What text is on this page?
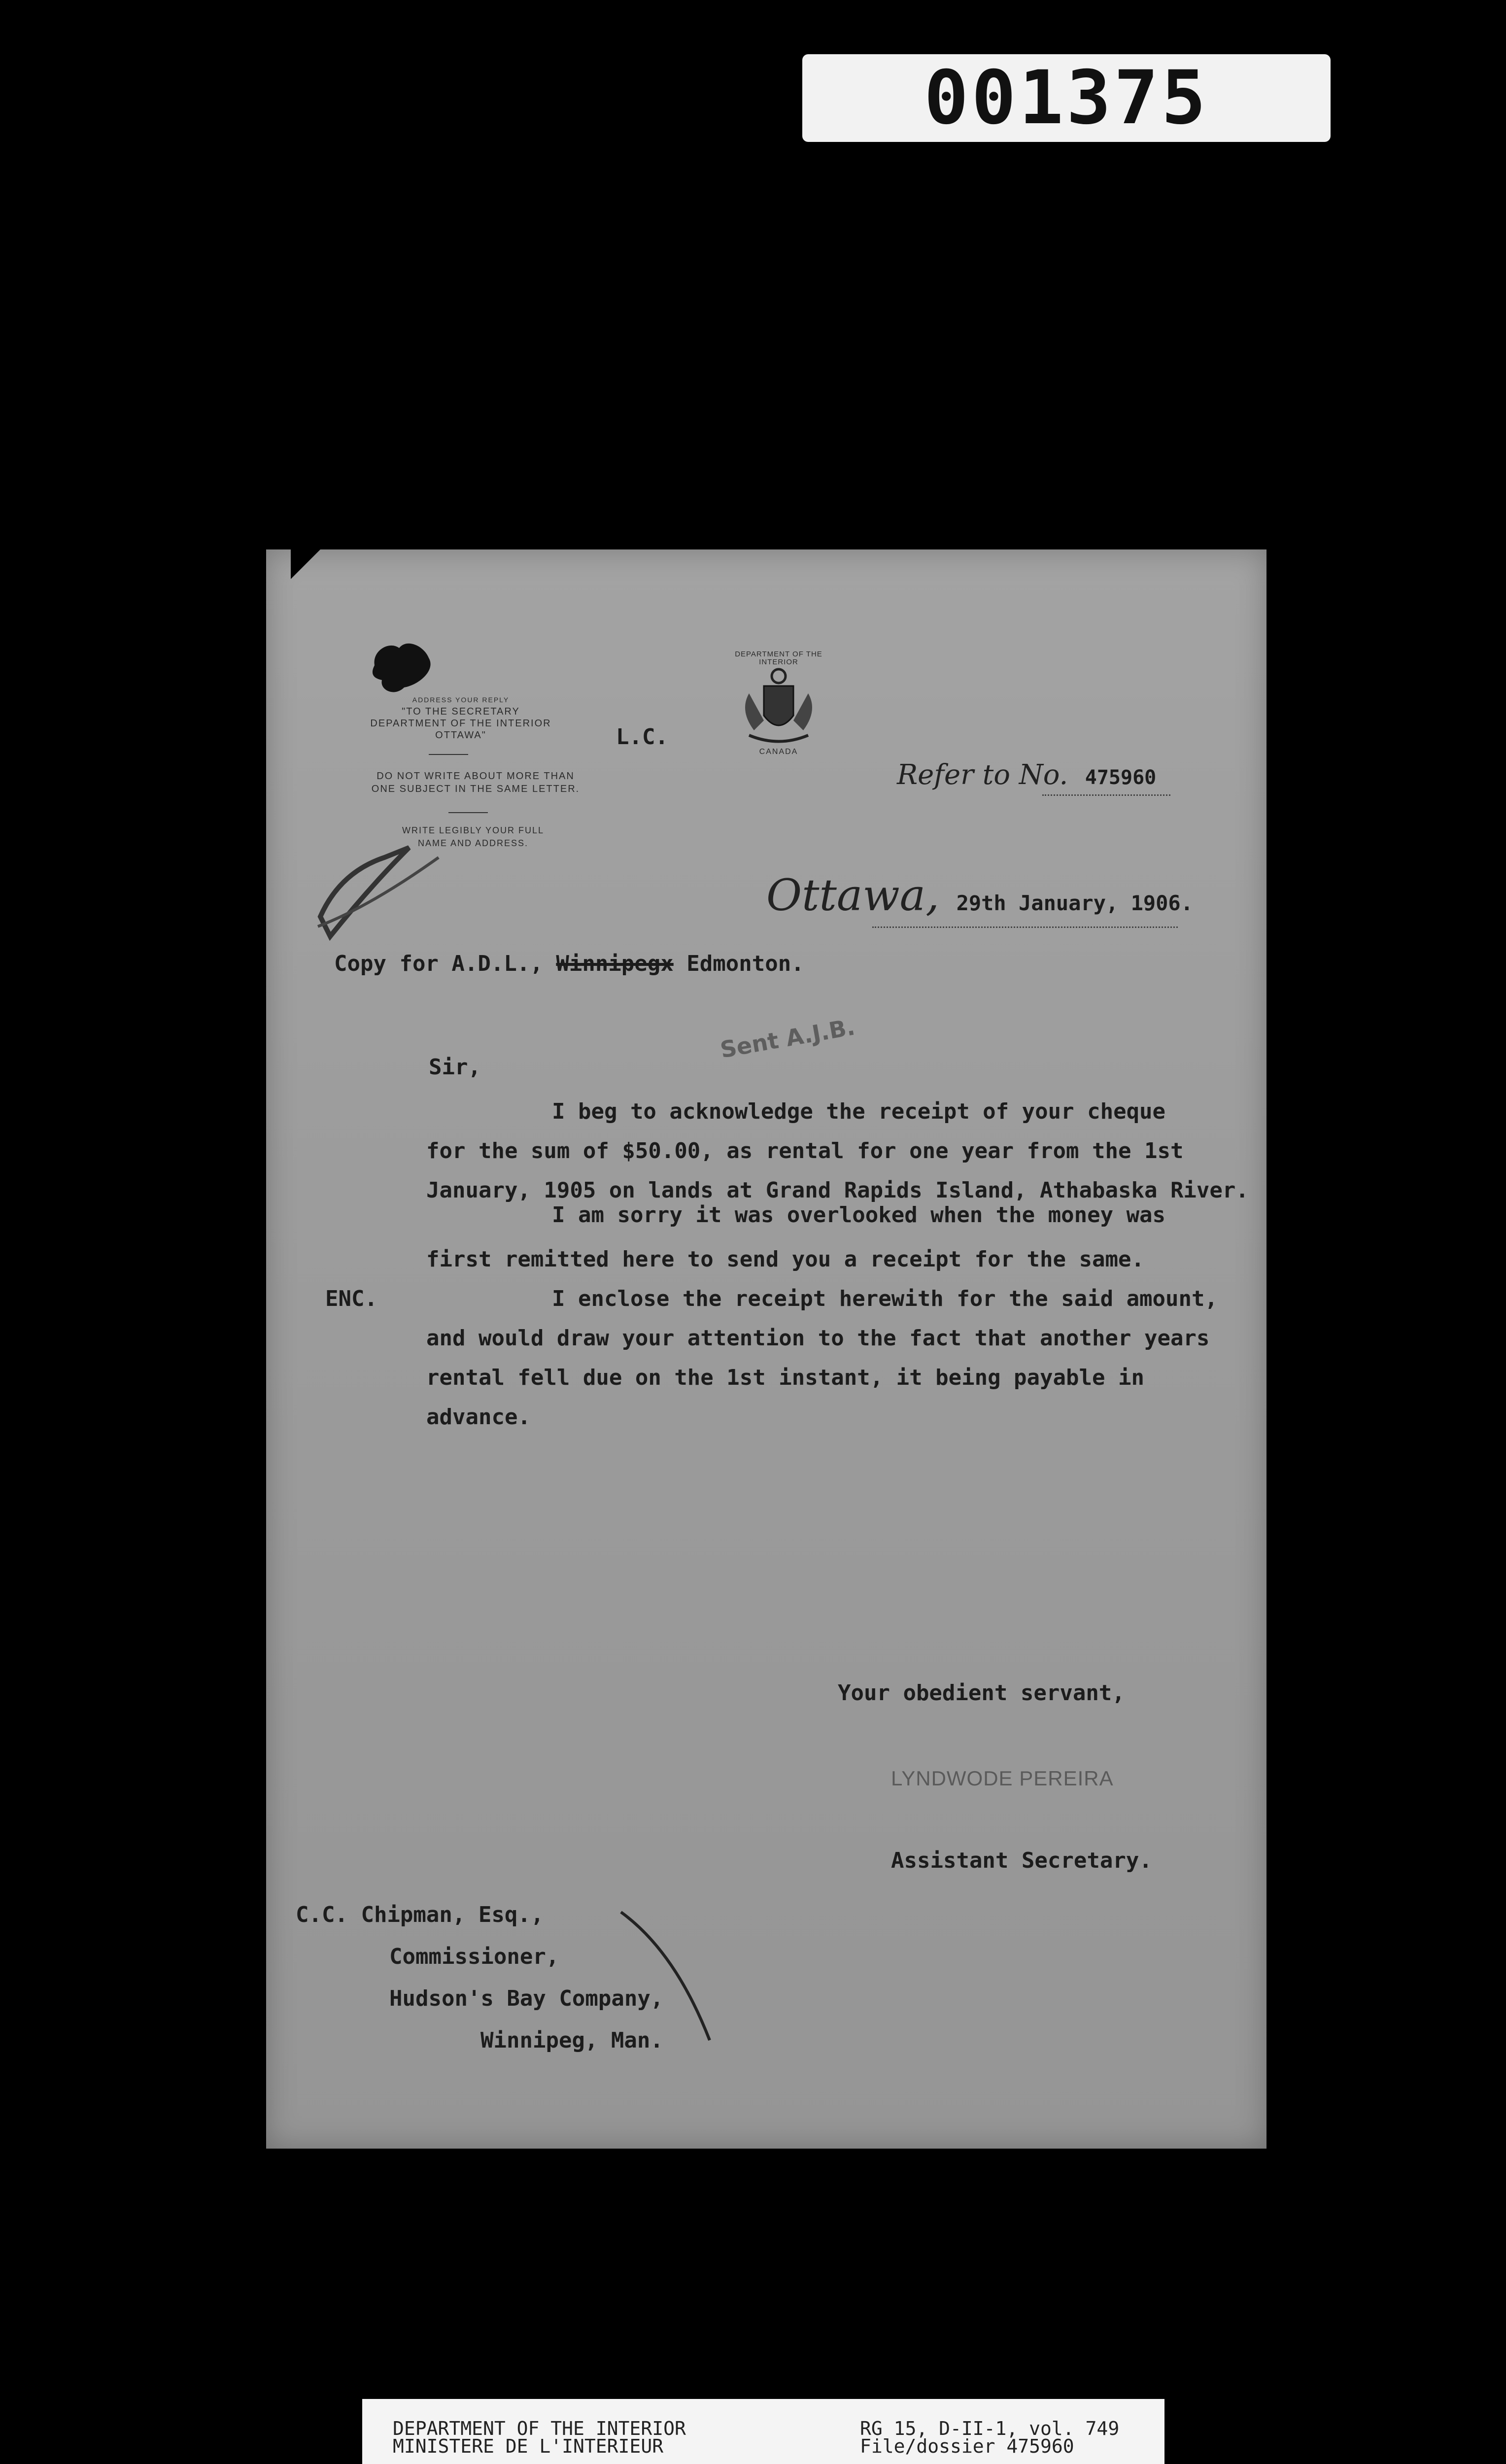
001375
ADDRESS YOUR REPLY
"TO THE SECRETARY
DEPARTMENT OF THE INTERIOR
OTTAWA"
DO NOT WRITE ABOUT MORE THAN
ONE SUBJECT IN THE SAME LETTER.
WRITE LEGIBLY YOUR FULL
NAME AND ADDRESS.
L.C.
DEPARTMENT OF THE INTERIOR
CANADA
Refer to No. 475960
Ottawa, 29th January, 1906.
Copy for A.D.L., Winnipegx Edmonton.
Sent A.J.B.
Sir,
I beg to acknowledge the receipt of your cheque
for the sum of $50.00, as rental for one year from the 1st
January, 1905 on lands at Grand Rapids Island, Athabaska River.
I am sorry it was overlooked when the money was
first remitted here to send you a receipt for the same.
ENC.	I enclose the receipt herewith for the said amount,
and would draw your attention to the fact that another years
rental fell due on the 1st instant, it being payable in
advance.
Your obedient servant,
LYNDWODE PEREIRA
Assistant Secretary.
C.C. Chipman, Esq.,
Commissioner,
Hudson's Bay Company,
Winnipeg, Man.
DEPARTMENT OF THE INTERIOR
MINISTERE DE L'INTERIEUR
RG 15, D-II-1, vol. 749
File/dossier 475960
